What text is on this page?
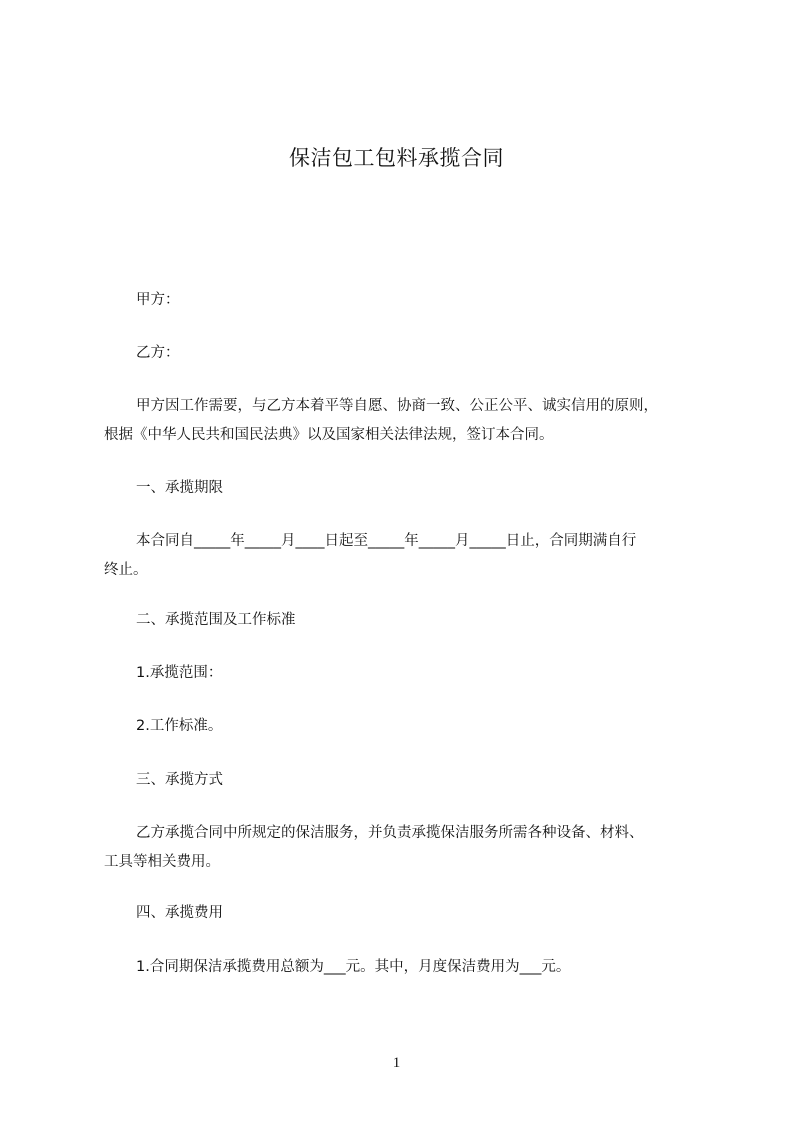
保洁包工包料承揽合同
甲方：
乙方：
甲方因工作需要，与乙方本着平等自愿、协商一致、公正公平、诚实信用的原则，
根据《中华人民共和国民法典》以及国家相关法律法规，签订本合同。
一、承揽期限
本合同自_____年_____月____日起至_____年_____月_____日止，合同期满自行
终止。
二、承揽范围及工作标准
1.承揽范围：
2.工作标准。
三、承揽方式
乙方承揽合同中所规定的保洁服务，并负责承揽保洁服务所需各种设备、材料、
工具等相关费用。
四、承揽费用
1.合同期保洁承揽费用总额为___元。其中，月度保洁费用为___元。
1
